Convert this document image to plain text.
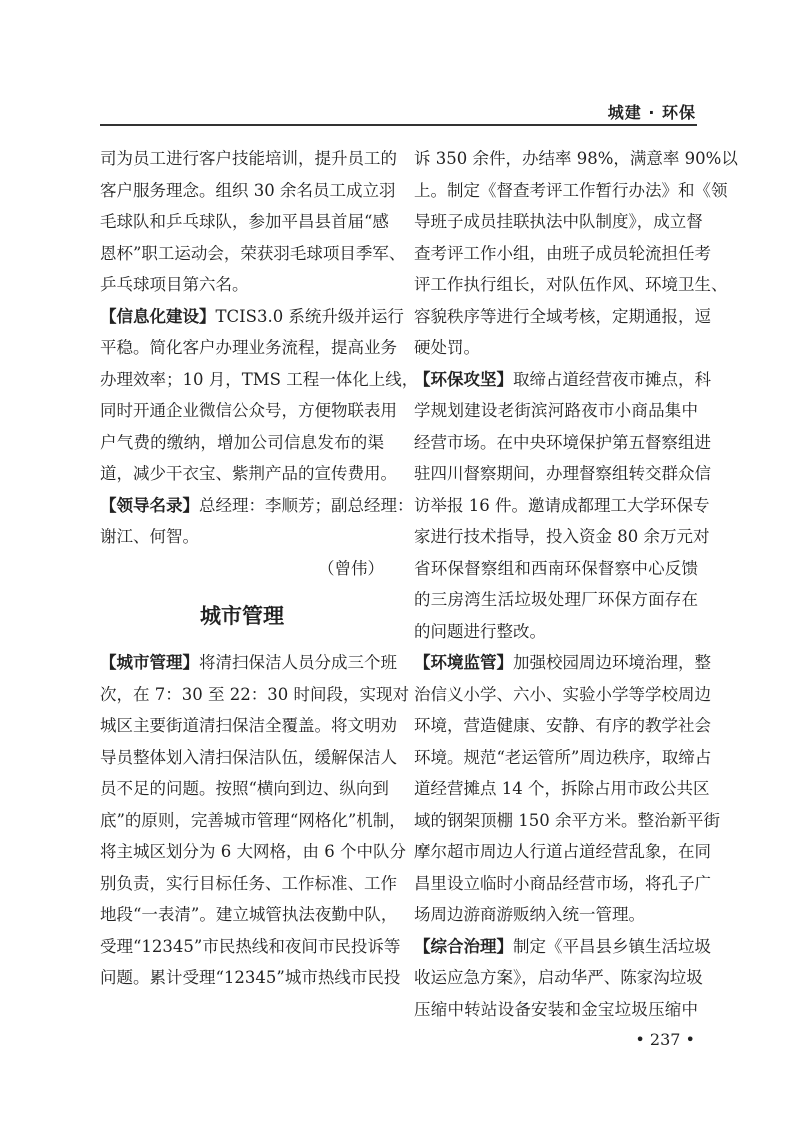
城建 · 环保
司为员工进行客户技能培训，提升员工的
客户服务理念。组织 30 余名员工成立羽
毛球队和乒乓球队，参加平昌县首届“感
恩杯”职工运动会，荣获羽毛球项目季军、
乒乓球项目第六名。
【信息化建设】TCIS3.0 系统升级并运行
平稳。简化客户办理业务流程，提高业务
办理效率；10 月，TMS 工程一体化上线，
同时开通企业微信公众号，方便物联表用
户气费的缴纳，增加公司信息发布的渠
道，减少干衣宝、紫荆产品的宣传费用。
【领导名录】总经理：李顺芳；副总经理：
谢江、何智。
（曾伟）
城市管理
【城市管理】将清扫保洁人员分成三个班
次，在 7：30 至 22：30 时间段，实现对
城区主要街道清扫保洁全覆盖。将文明劝
导员整体划入清扫保洁队伍，缓解保洁人
员不足的问题。按照“横向到边、纵向到
底”的原则，完善城市管理“网格化”机制，
将主城区划分为 6 大网格，由 6 个中队分
别负责，实行目标任务、工作标准、工作
地段“一表清”。建立城管执法夜勤中队，
受理“12345”市民热线和夜间市民投诉等
问题。累计受理“12345”城市热线市民投
诉 350 余件，办结率 98%，满意率 90%以
上。制定《督查考评工作暂行办法》和《领
导班子成员挂联执法中队制度》，成立督
查考评工作小组，由班子成员轮流担任考
评工作执行组长，对队伍作风、环境卫生、
容貌秩序等进行全域考核，定期通报，逗
硬处罚。
【环保攻坚】取缔占道经营夜市摊点，科
学规划建设老街滨河路夜市小商品集中
经营市场。在中央环境保护第五督察组进
驻四川督察期间，办理督察组转交群众信
访举报 16 件。邀请成都理工大学环保专
家进行技术指导，投入资金 80 余万元对
省环保督察组和西南环保督察中心反馈
的三房湾生活垃圾处理厂环保方面存在
的问题进行整改。
【环境监管】加强校园周边环境治理，整
治信义小学、六小、实验小学等学校周边
环境，营造健康、安静、有序的教学社会
环境。规范“老运管所”周边秩序，取缔占
道经营摊点 14 个，拆除占用市政公共区
域的钢架顶棚 150 余平方米。整治新平街
摩尔超市周边人行道占道经营乱象，在同
昌里设立临时小商品经营市场，将孔子广
场周边游商游贩纳入统一管理。
【综合治理】制定《平昌县乡镇生活垃圾
收运应急方案》，启动华严、陈家沟垃圾
压缩中转站设备安装和金宝垃圾压缩中
• 237 •
